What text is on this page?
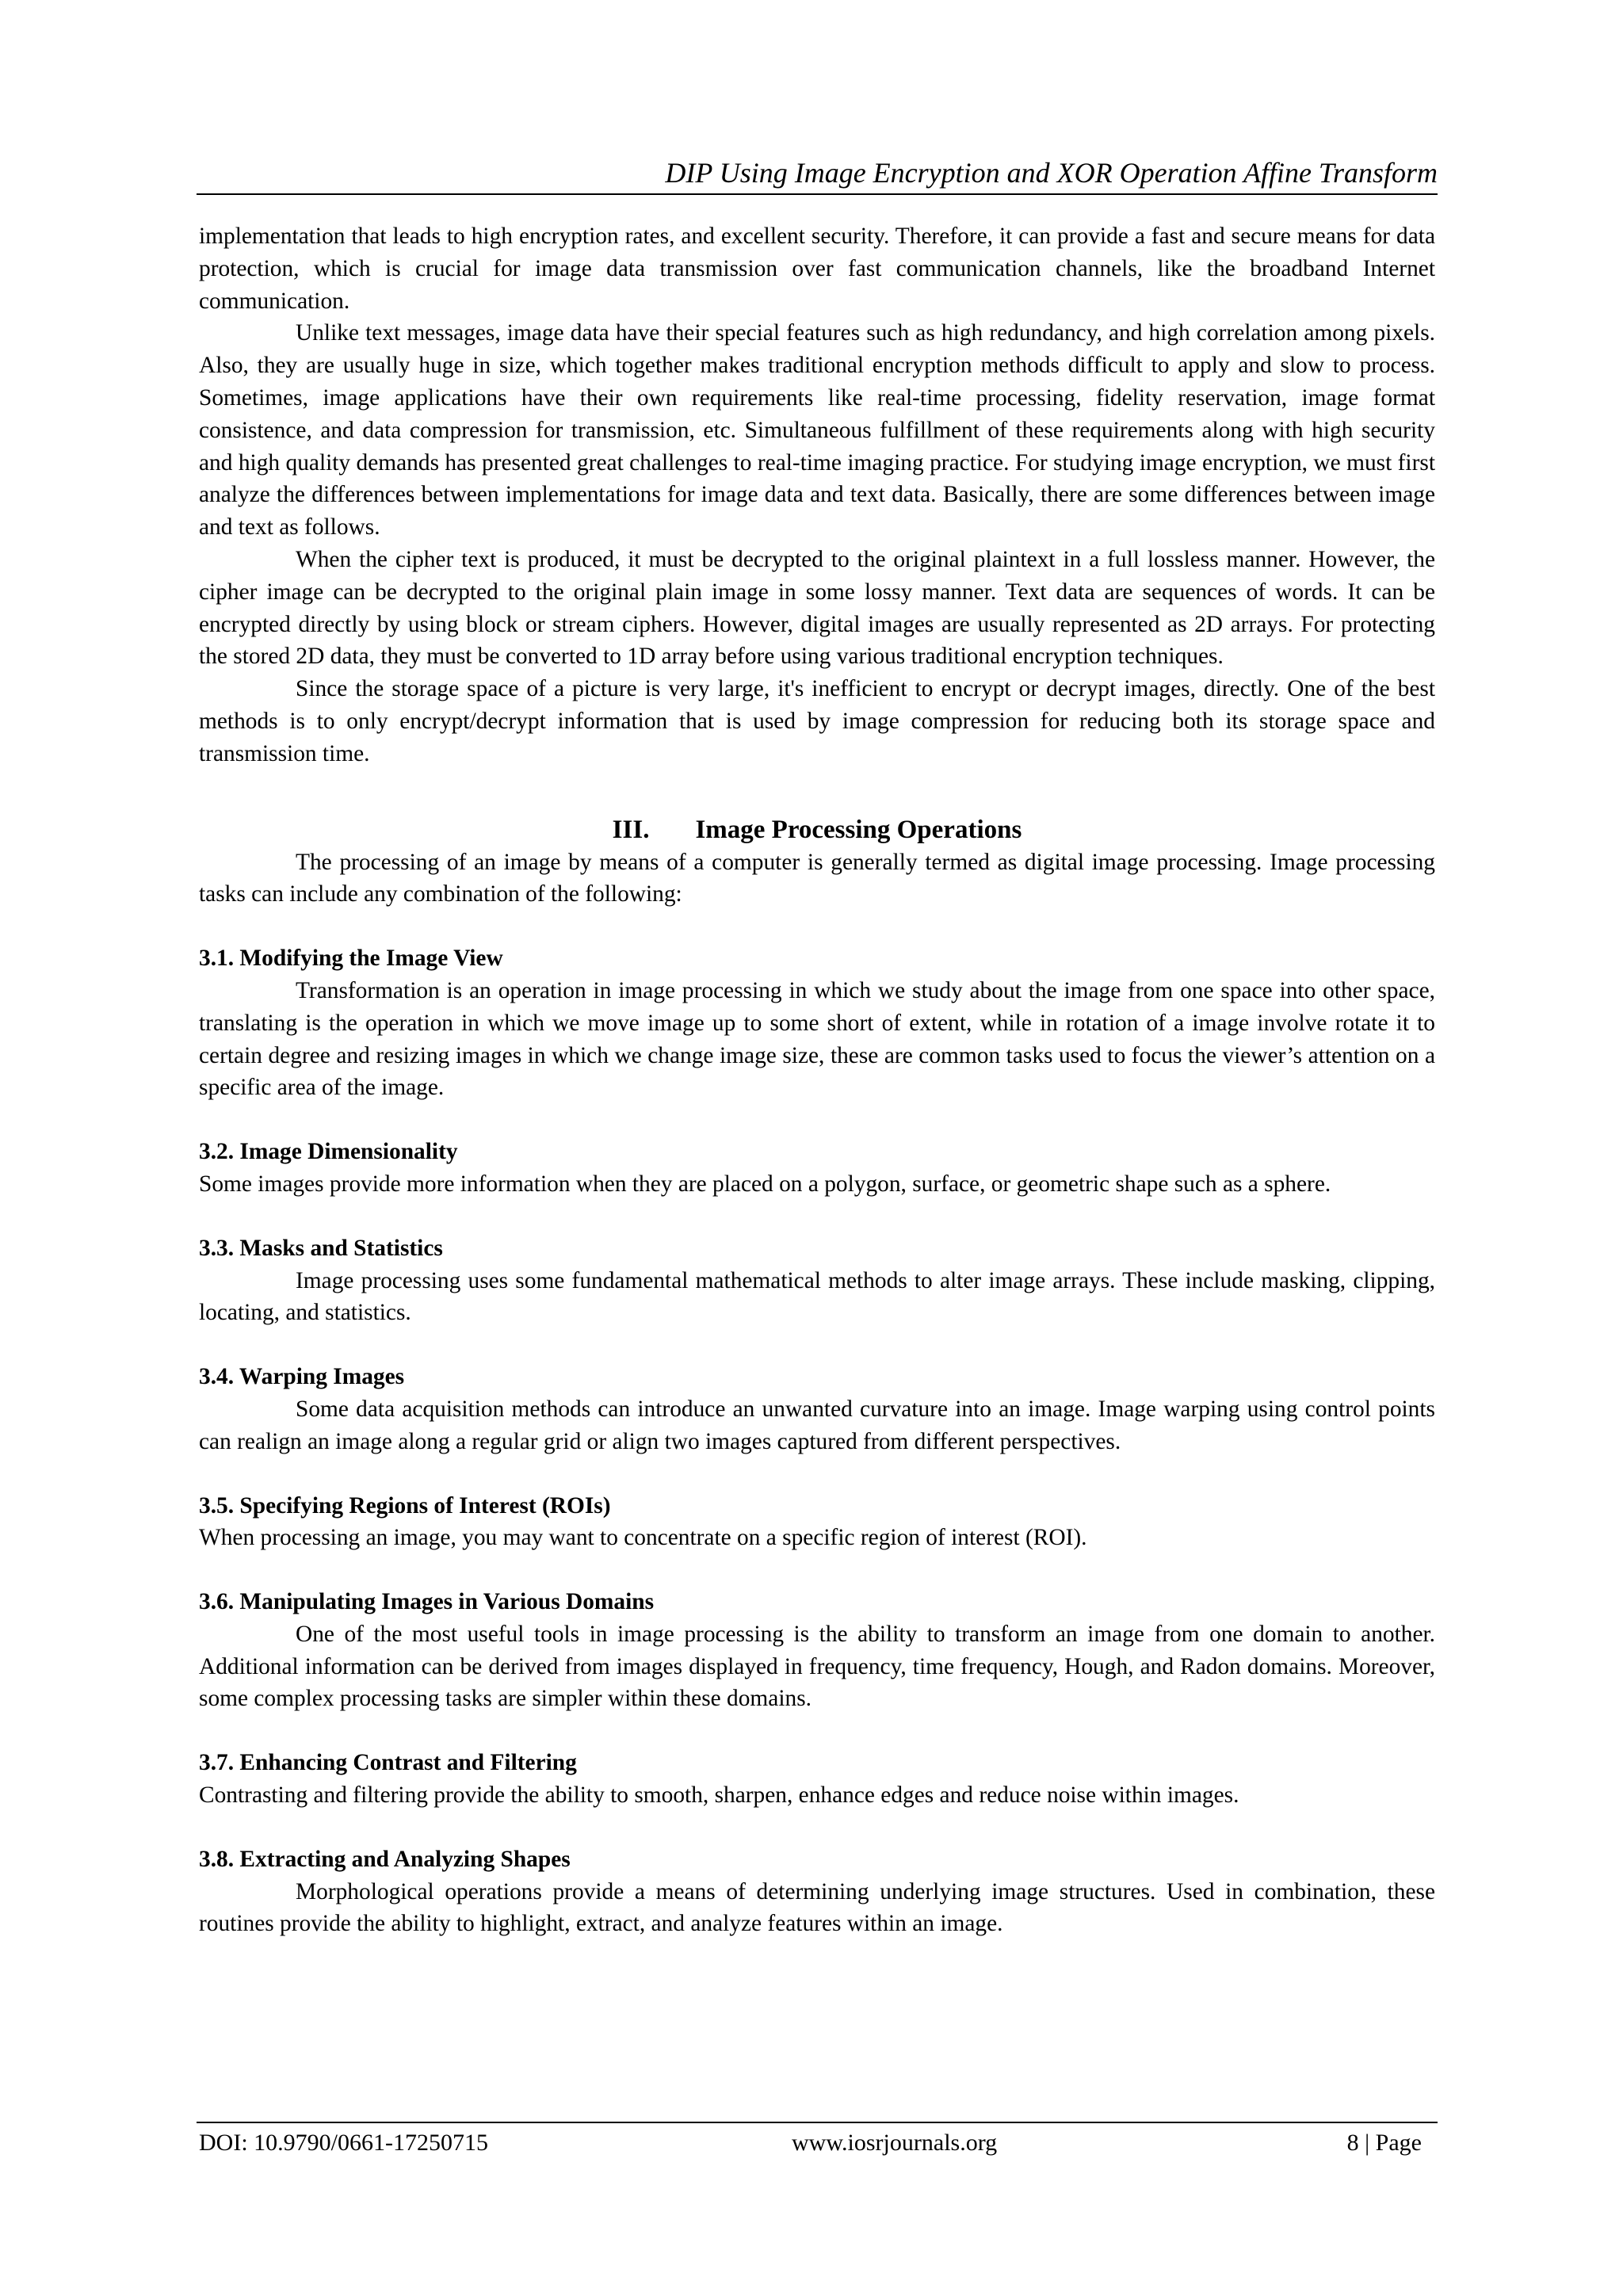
DIP Using Image Encryption and XOR Operation Affine Transform

implementation that leads to high encryption rates, and excellent security. Therefore, it can provide a fast and secure means for data protection, which is crucial for image data transmission over fast communication channels, like the broadband Internet communication.

Unlike text messages, image data have their special features such as high redundancy, and high correlation among pixels. Also, they are usually huge in size, which together makes traditional encryption methods difficult to apply and slow to process. Sometimes, image applications have their own requirements like real-time processing, fidelity reservation, image format consistence, and data compression for transmission, etc. Simultaneous fulfillment of these requirements along with high security and high quality demands has presented great challenges to real-time imaging practice. For studying image encryption, we must first analyze the differences between implementations for image data and text data. Basically, there are some differences between image and text as follows.

When the cipher text is produced, it must be decrypted to the original plaintext in a full lossless manner. However, the cipher image can be decrypted to the original plain image in some lossy manner. Text data are sequences of words. It can be encrypted directly by using block or stream ciphers. However, digital images are usually represented as 2D arrays. For protecting the stored 2D data, they must be converted to 1D array before using various traditional encryption techniques.

Since the storage space of a picture is very large, it's inefficient to encrypt or decrypt images, directly. One of the best methods is to only encrypt/decrypt information that is used by image compression for reducing both its storage space and transmission time.

III. Image Processing Operations

The processing of an image by means of a computer is generally termed as digital image processing. Image processing tasks can include any combination of the following:

3.1. Modifying the Image View

Transformation is an operation in image processing in which we study about the image from one space into other space, translating is the operation in which we move image up to some short of extent, while in rotation of a image involve rotate it to certain degree and resizing images in which we change image size, these are common tasks used to focus the viewer’s attention on a specific area of the image.

3.2. Image Dimensionality

Some images provide more information when they are placed on a polygon, surface, or geometric shape such as a sphere.

3.3. Masks and Statistics

Image processing uses some fundamental mathematical methods to alter image arrays. These include masking, clipping, locating, and statistics.

3.4. Warping Images

Some data acquisition methods can introduce an unwanted curvature into an image. Image warping using control points can realign an image along a regular grid or align two images captured from different perspectives.

3.5. Specifying Regions of Interest (ROIs)

When processing an image, you may want to concentrate on a specific region of interest (ROI).

3.6. Manipulating Images in Various Domains

One of the most useful tools in image processing is the ability to transform an image from one domain to another. Additional information can be derived from images displayed in frequency, time frequency, Hough, and Radon domains. Moreover, some complex processing tasks are simpler within these domains.

3.7. Enhancing Contrast and Filtering

Contrasting and filtering provide the ability to smooth, sharpen, enhance edges and reduce noise within images.

3.8. Extracting and Analyzing Shapes

Morphological operations provide a means of determining underlying image structures. Used in combination, these routines provide the ability to highlight, extract, and analyze features within an image.

DOI: 10.9790/0661-17250715	www.iosrjournals.org	8 | Page
